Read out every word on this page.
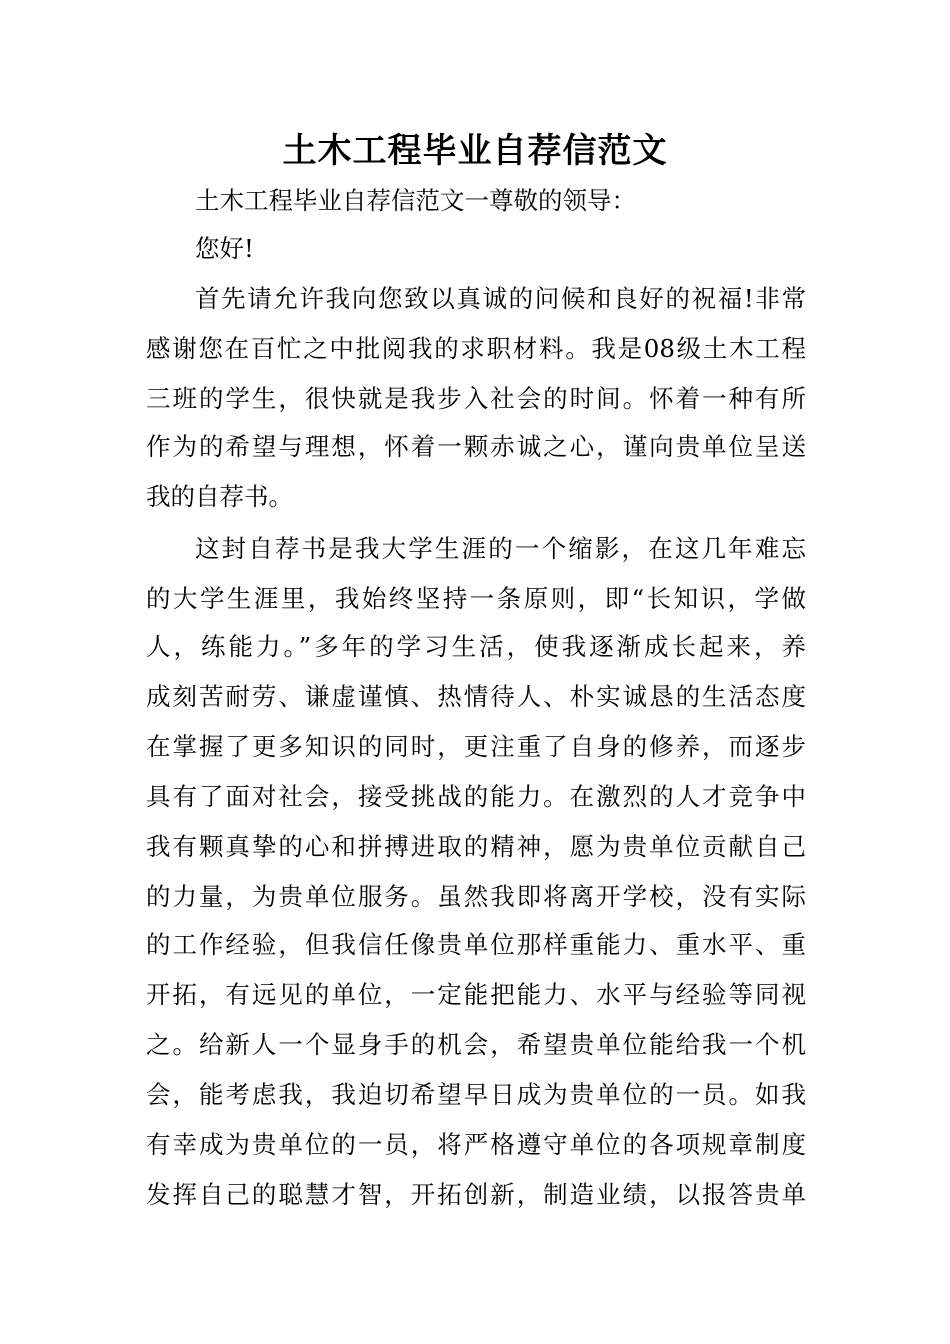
土木工程毕业自荐信范文
土木工程毕业自荐信范文一尊敬的领导：
您好!
首先请允许我向您致以真诚的问候和良好的祝福!非常
感谢您在百忙之中批阅我的求职材料。我是08级土木工程
三班的学生，很快就是我步入社会的时间。怀着一种有所
作为的希望与理想，怀着一颗赤诚之心，谨向贵单位呈送
我的自荐书。
这封自荐书是我大学生涯的一个缩影，在这几年难忘
的大学生涯里，我始终坚持一条原则，即“长知识，学做
人，练能力。”多年的学习生活，使我逐渐成长起来，养
成刻苦耐劳、谦虚谨慎、热情待人、朴实诚恳的生活态度
在掌握了更多知识的同时，更注重了自身的修养，而逐步
具有了面对社会，接受挑战的能力。在激烈的人才竞争中
我有颗真挚的心和拼搏进取的精神，愿为贵单位贡献自己
的力量，为贵单位服务。虽然我即将离开学校，没有实际
的工作经验，但我信任像贵单位那样重能力、重水平、重
开拓，有远见的单位，一定能把能力、水平与经验等同视
之。给新人一个显身手的机会，希望贵单位能给我一个机
会，能考虑我，我迫切希望早日成为贵单位的一员。如我
有幸成为贵单位的一员，将严格遵守单位的各项规章制度
发挥自己的聪慧才智，开拓创新，制造业绩，以报答贵单
